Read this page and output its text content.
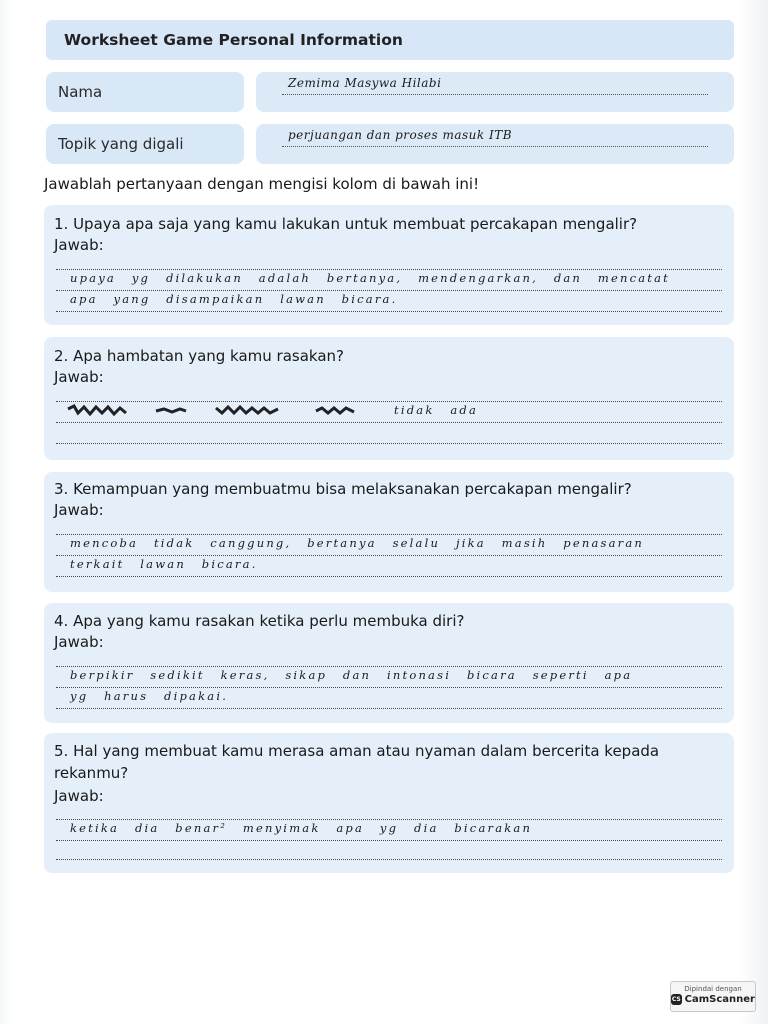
Worksheet Game Personal Information
Nama	Zemima Masywa Hilabi
Topik yang digali	perjuangan dan proses masuk ITB
Jawablah pertanyaan dengan mengisi kolom di bawah ini!
1. Upaya apa saja yang kamu lakukan untuk membuat percakapan mengalir?
Jawab:
upaya yg dilakukan adalah bertanya, mendengarkan, dan mencatat
apa yang disampaikan lawan bicara.
2. Apa hambatan yang kamu rasakan?
Jawab:
tidak ada
3. Kemampuan yang membuatmu bisa melaksanakan percakapan mengalir?
Jawab:
mencoba tidak canggung, bertanya selalu jika masih penasaran
terkait lawan bicara.
4. Apa yang kamu rasakan ketika perlu membuka diri?
Jawab:
berpikir sedikit keras, sikap dan intonasi bicara seperti apa
yg harus dipakai.
5. Hal yang membuat kamu merasa aman atau nyaman dalam bercerita kepada rekanmu?
Jawab:
ketika dia benar² menyimak apa yg dia bicarakan
Dipindai dengan
CS CamScanner
